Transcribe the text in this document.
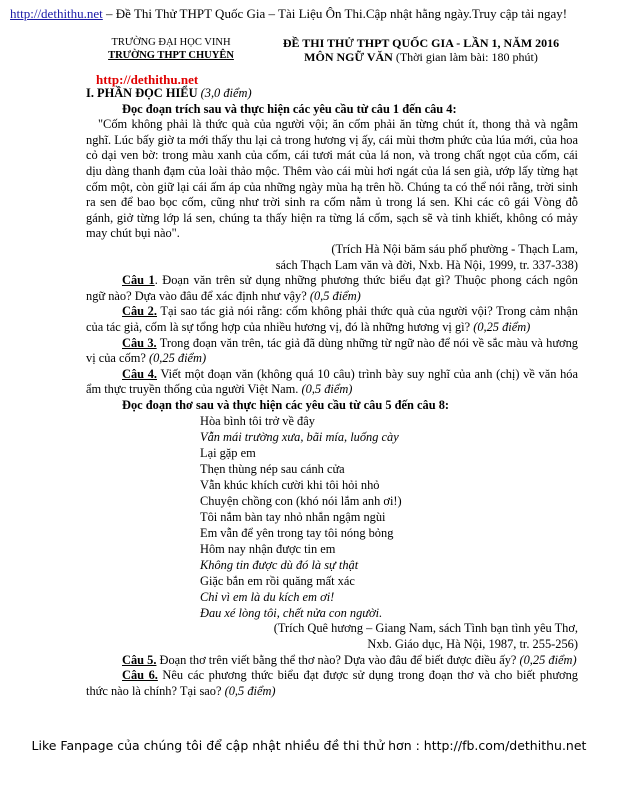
http://dethithu.net – Đề Thi Thử THPT Quốc Gia – Tài Liệu Ôn Thi.Cập nhật hằng ngày.Truy cập tải ngay!
TRƯỜNG ĐẠI HỌC VINH
TRƯỜNG THPT CHUYÊN
ĐỀ THI THỬ THPT QUỐC GIA - LẦN 1, NĂM 2016
MÔN NGỮ VĂN (Thời gian làm bài: 180 phút)
http://dethithu.net

I. PHẦN ĐỌC HIỂU (3,0 điểm)

Đọc đoạn trích sau và thực hiện các yêu cầu từ câu 1 đến câu 4:

"Cốm không phải là thức quà của người vội; ăn cốm phải ăn từng chút ít, thong thả và ngẫm nghĩ. Lúc bấy giờ ta mới thấy thu lại cả trong hương vị ấy, cái mùi thơm phức của lúa mới, của hoa cỏ dại ven bờ: trong màu xanh của cốm, cái tươi mát của lá non, và trong chất ngọt của cốm, cái dịu dàng thanh đạm của loài thảo mộc. Thêm vào cái mùi hơi ngát của lá sen già, ướp lấy từng hạt cốm một, còn giữ lại cái ấm áp của những ngày mùa hạ trên hồ. Chúng ta có thể nói rằng, trời sinh ra sen để bao bọc cốm, cũng như trời sinh ra cốm nằm ủ trong lá sen. Khi các cô gái Vòng đỗ gánh, giở từng lớp lá sen, chúng ta thấy hiện ra từng lá cốm, sạch sẽ và tinh khiết, không có mảy may chút bụi nào".

(Trích Hà Nội băm sáu phố phường - Thạch Lam,

sách Thạch Lam văn và đời, Nxb. Hà Nội, 1999, tr. 337-338)

Câu 1. Đoạn văn trên sử dụng những phương thức biểu đạt gì? Thuộc phong cách ngôn ngữ nào? Dựa vào đâu để xác định như vậy? (0,5 điểm)

Câu 2. Tại sao tác giả nói rằng: cốm không phải thức quà của người vội? Trong cảm nhận của tác giả, cốm là sự tổng hợp của nhiều hương vị, đó là những hương vị gì? (0,25 điểm)

Câu 3. Trong đoạn văn trên, tác giả đã dùng những từ ngữ nào để nói về sắc màu và hương vị của cốm? (0,25 điểm)

Câu 4. Viết một đoạn văn (không quá 10 câu) trình bày suy nghĩ của anh (chị) về văn hóa ẩm thực truyền thống của người Việt Nam. (0,5 điểm)

Đọc đoạn thơ sau và thực hiện các yêu cầu từ câu 5 đến câu 8:

Hòa bình tôi trở về đây

Vẫn mái trường xưa, bãi mía, luống cày

Lại gặp em

Thẹn thùng nép sau cánh cửa

Vẫn khúc khích cười khi tôi hỏi nhỏ

Chuyện chồng con (khó nói lắm anh ơi!)

Tôi nắm bàn tay nhỏ nhắn ngậm ngùi

Em vẫn để yên trong tay tôi nóng bỏng

Hôm nay nhận được tin em

Không tin được dù đó là sự thật

Giặc bắn em rồi quăng mất xác

Chỉ vì em là du kích em ơi!

Đau xé lòng tôi, chết nửa con người.

(Trích Quê hương – Giang Nam, sách Tình bạn tình yêu Thơ,

Nxb. Giáo dục, Hà Nội, 1987, tr. 255-256)

Câu 5. Đoạn thơ trên viết bằng thể thơ nào? Dựa vào đâu để biết được điều ấy? (0,25 điểm)

Câu 6. Nêu các phương thức biểu đạt được sử dụng trong đoạn thơ và cho biết phương thức nào là chính? Tại sao? (0,5 điểm)

Like Fanpage của chúng tôi để cập nhật nhiều đề thi thử hơn : http://fb.com/dethithu.net
